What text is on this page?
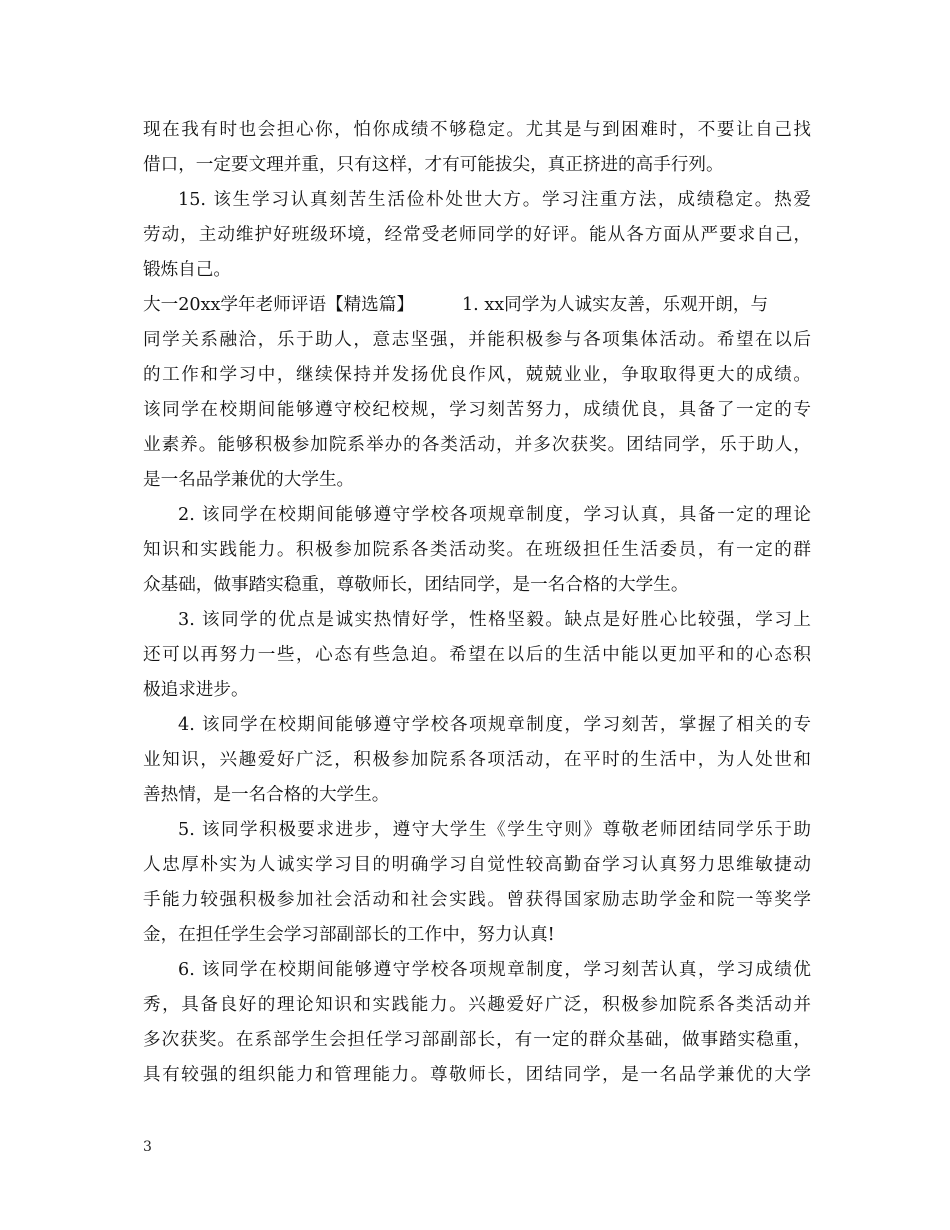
现在我有时也会担心你，怕你成绩不够稳定。尤其是与到困难时，不要让自己找
借口，一定要文理并重，只有这样，才有可能拔尖，真正挤进的高手行列。
15. 该生学习认真刻苦生活俭朴处世大方。学习注重方法，成绩稳定。热爱
劳动，主动维护好班级环境，经常受老师同学的好评。能从各方面从严要求自己，
锻炼自己。
大一20xx学年老师评语【精选篇】	1. xx同学为人诚实友善，乐观开朗，与
同学关系融洽，乐于助人，意志坚强，并能积极参与各项集体活动。希望在以后
的工作和学习中，继续保持并发扬优良作风，兢兢业业，争取取得更大的成绩。
该同学在校期间能够遵守校纪校规，学习刻苦努力，成绩优良，具备了一定的专
业素养。能够积极参加院系举办的各类活动，并多次获奖。团结同学，乐于助人，
是一名品学兼优的大学生。
2. 该同学在校期间能够遵守学校各项规章制度，学习认真，具备一定的理论
知识和实践能力。积极参加院系各类活动奖。在班级担任生活委员，有一定的群
众基础，做事踏实稳重，尊敬师长，团结同学，是一名合格的大学生。
3. 该同学的优点是诚实热情好学，性格坚毅。缺点是好胜心比较强，学习上
还可以再努力一些，心态有些急迫。希望在以后的生活中能以更加平和的心态积
极追求进步。
4. 该同学在校期间能够遵守学校各项规章制度，学习刻苦，掌握了相关的专
业知识，兴趣爱好广泛，积极参加院系各项活动，在平时的生活中，为人处世和
善热情，是一名合格的大学生。
5. 该同学积极要求进步，遵守大学生《学生守则》尊敬老师团结同学乐于助
人忠厚朴实为人诚实学习目的明确学习自觉性较高勤奋学习认真努力思维敏捷动
手能力较强积极参加社会活动和社会实践。曾获得国家励志助学金和院一等奖学
金，在担任学生会学习部副部长的工作中，努力认真!
6. 该同学在校期间能够遵守学校各项规章制度，学习刻苦认真，学习成绩优
秀，具备良好的理论知识和实践能力。兴趣爱好广泛，积极参加院系各类活动并
多次获奖。在系部学生会担任学习部副部长，有一定的群众基础，做事踏实稳重，
具有较强的组织能力和管理能力。尊敬师长，团结同学，是一名品学兼优的大学
3
